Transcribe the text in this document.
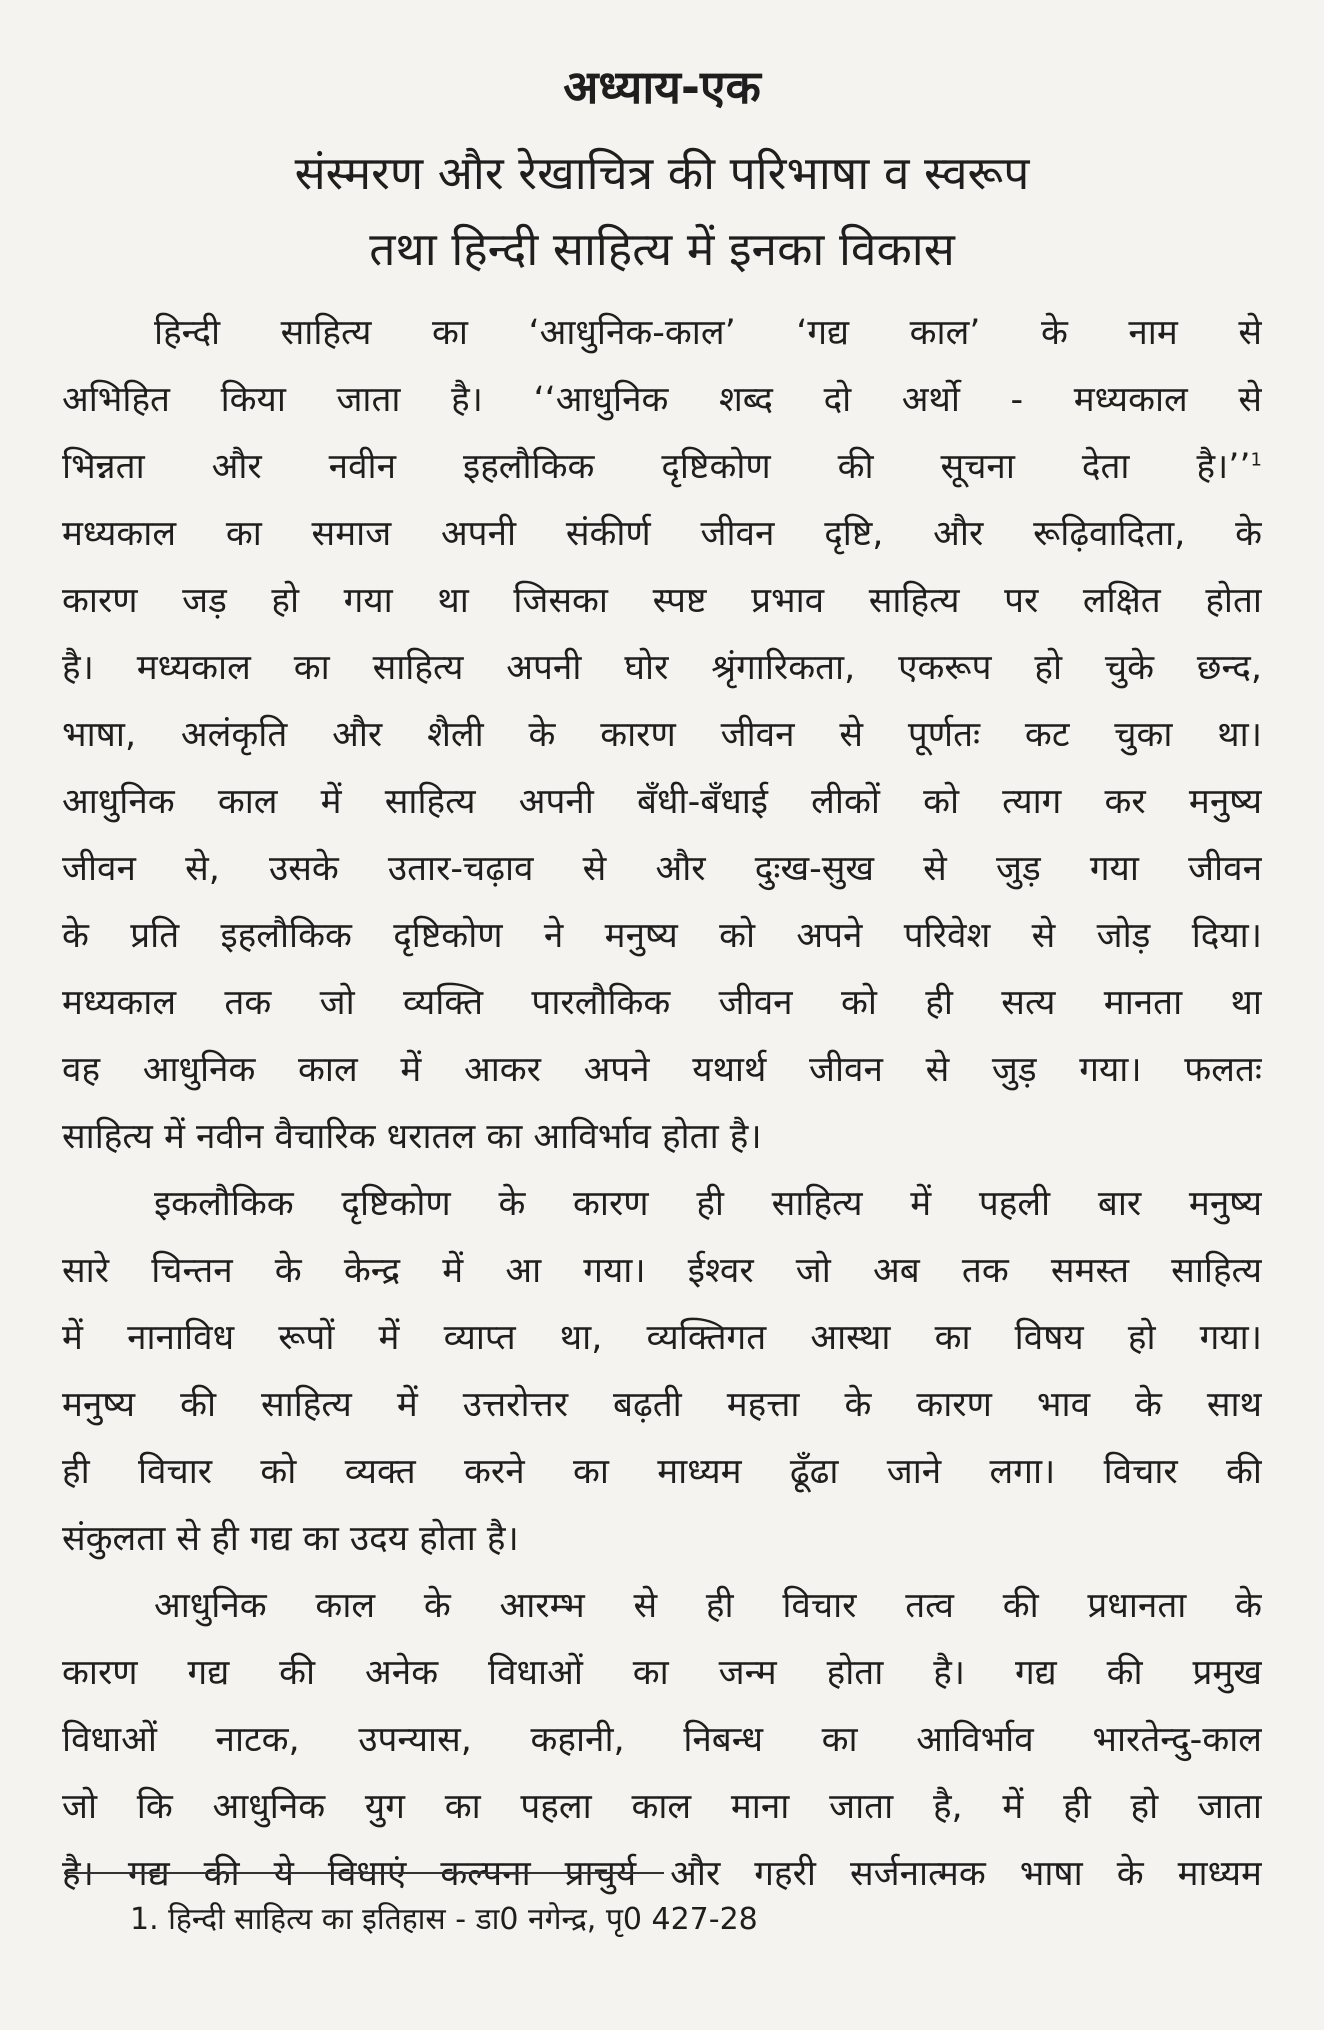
अध्याय-एक
संस्मरण और रेखाचित्र की परिभाषा व स्वरूप
तथा हिन्दी साहित्य में इनका विकास
हिन्दी साहित्य का ‘आधुनिक-काल’ ‘गद्य काल’ के नाम से
अभिहित किया जाता है। ‘‘आधुनिक शब्द दो अर्थो - मध्यकाल से
भिन्नता और नवीन इहलौकिक दृष्टिकोण की सूचना देता है।’’$^1$
मध्यकाल का समाज अपनी संकीर्ण जीवन दृष्टि, और रूढ़िवादिता, के
कारण जड़ हो गया था जिसका स्पष्ट प्रभाव साहित्य पर लक्षित होता
है। मध्यकाल का साहित्य अपनी घोर श्रृंगारिकता, एकरूप हो चुके छन्द,
भाषा, अलंकृति और शैली के कारण जीवन से पूर्णतः कट चुका था।
आधुनिक काल में साहित्य अपनी बँधी-बँधाई लीकों को त्याग कर मनुष्य
जीवन से, उसके उतार-चढ़ाव से और दुःख-सुख से जुड़ गया जीवन
के प्रति इहलौकिक दृष्टिकोण ने मनुष्य को अपने परिवेश से जोड़ दिया।
मध्यकाल तक जो व्यक्ति पारलौकिक जीवन को ही सत्य मानता था
वह आधुनिक काल में आकर अपने यथार्थ जीवन से जुड़ गया। फलतः
साहित्य में नवीन वैचारिक धरातल का आविर्भाव होता है।
इकलौकिक दृष्टिकोण के कारण ही साहित्य में पहली बार मनुष्य
सारे चिन्तन के केन्द्र में आ गया। ईश्वर जो अब तक समस्त साहित्य
में नानाविध रूपों में व्याप्त था, व्यक्तिगत आस्था का विषय हो गया।
मनुष्य की साहित्य में उत्तरोत्तर बढ़ती महत्ता के कारण भाव के साथ
ही विचार को व्यक्त करने का माध्यम ढूँढा जाने लगा। विचार की
संकुलता से ही गद्य का उदय होता है।
आधुनिक काल के आरम्भ से ही विचार तत्व की प्रधानता के
कारण गद्य की अनेक विधाओं का जन्म होता है। गद्य की प्रमुख
विधाओं नाटक, उपन्यास, कहानी, निबन्ध का आविर्भाव भारतेन्दु-काल
जो कि आधुनिक युग का पहला काल माना जाता है, में ही हो जाता
है। गद्य की ये विधाएं कल्पना प्राचुर्य और गहरी सर्जनात्मक भाषा के माध्यम
1. हिन्दी साहित्य का इतिहास - डा0 नगेन्द्र, पृ0 427-28
